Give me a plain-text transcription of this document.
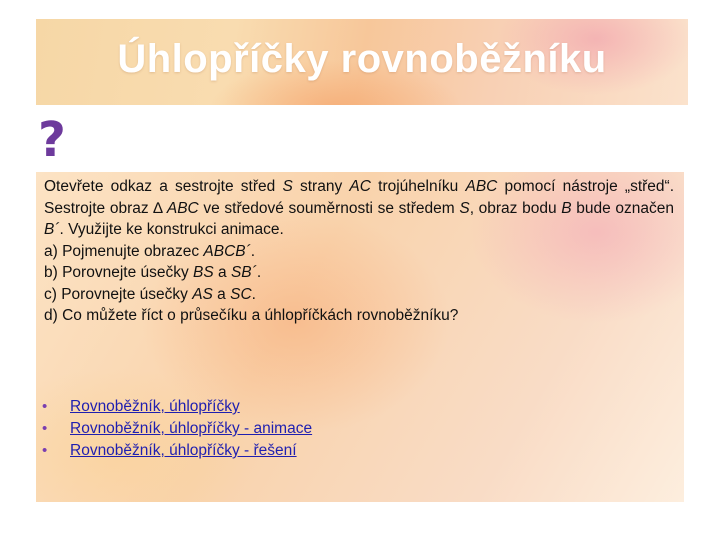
Úhlopříčky rovnoběžníku
?

Otevřete odkaz a sestrojte střed S strany AC trojúhelníku ABC pomocí nástroje „střed“. Sestrojte obraz ∆ ABC ve středové souměrnosti se středem S, obraz bodu B bude označen B´. Využijte ke konstrukci animace.

a) Pojmenujte obrazec ABCB´.

b) Porovnejte úsečky BS a SB´.

c) Porovnejte úsečky AS a SC.

d) Co můžete říct o průsečíku a úhlopříčkách rovnoběžníku?

• Rovnoběžník, úhlopříčky
• Rovnoběžník, úhlopříčky - animace
• Rovnoběžník, úhlopříčky - řešení
